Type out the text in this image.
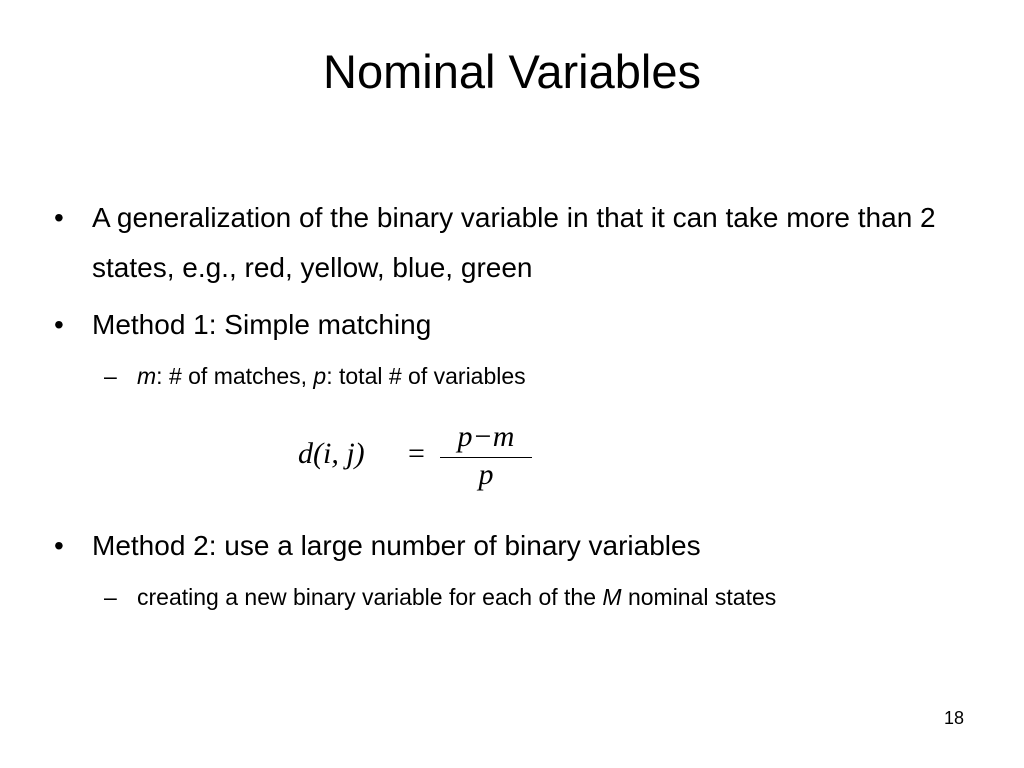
Nominal Variables
• A generalization of the binary variable in that it can take more than 2 states, e.g., red, yellow, blue, green
• Method 1: Simple matching
– m: # of matches, p: total # of variables
d(i, j) =
p−m
p
• Method 2: use a large number of binary variables
– creating a new binary variable for each of the M nominal states
18
